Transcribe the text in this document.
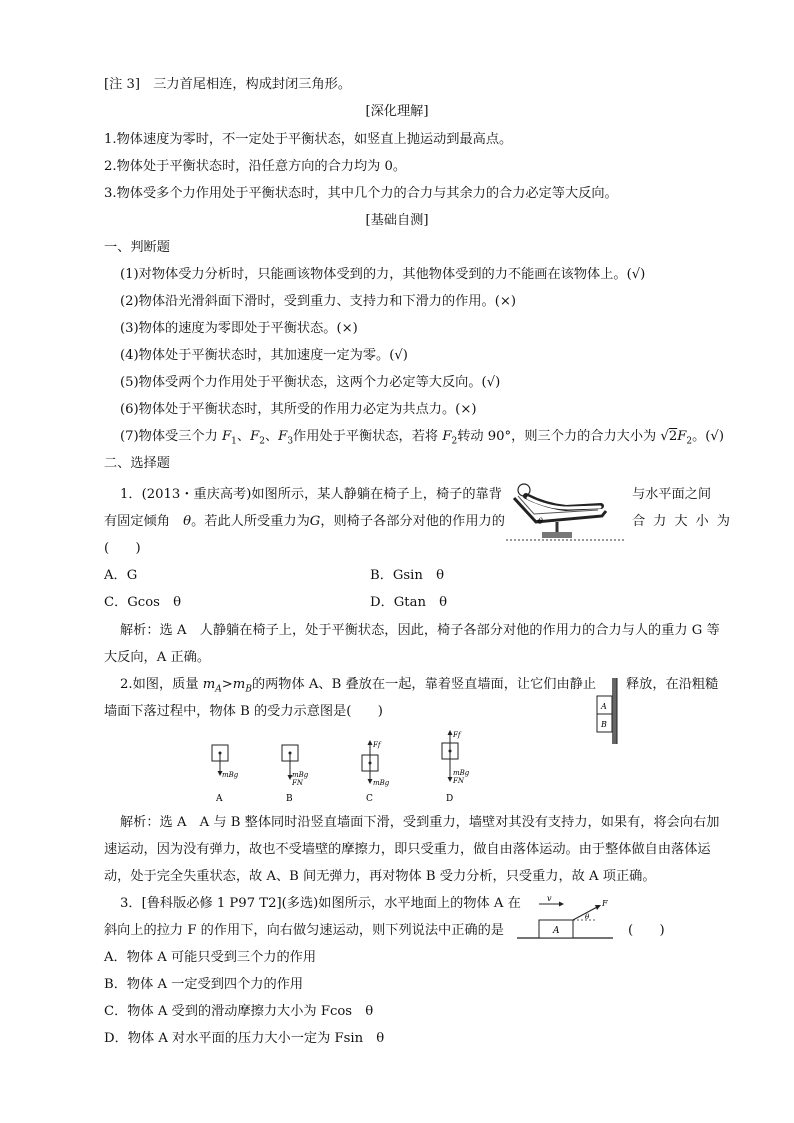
[注 3]　三力首尾相连，构成封闭三角形。
[深化理解]
1.物体速度为零时，不一定处于平衡状态，如竖直上抛运动到最高点。
2.物体处于平衡状态时，沿任意方向的合力均为 0。
3.物体受多个力作用处于平衡状态时，其中几个力的合力与其余力的合力必定等大反向。
[基础自测]
一、判断题
(1)对物体受力分析时，只能画该物体受到的力，其他物体受到的力不能画在该物体上。(√)
(2)物体沿光滑斜面下滑时，受到重力、支持力和下滑力的作用。(×)
(3)物体的速度为零即处于平衡状态。(×)
(4)物体处于平衡状态时，其加速度一定为零。(√)
(5)物体受两个力作用处于平衡状态，这两个力必定等大反向。(√)
(6)物体处于平衡状态时，其所受的作用力必定为共点力。(×)
(7)物体受三个力 $F_1$、$F_2$、$F_3$作用处于平衡状态，若将 $F_2$转动 90°，则三个力的合力大小为 $√2F_2$。(√)
二、选择题
1．(2013・重庆高考)如图所示，某人静躺在椅子上，椅子的靠背	与水平面之间
有固定倾角　 θ。若此人所受重力为G，则椅子各部分对他的作用力的	合力大小为
(　　)
θ
A．G	B．Gsin　θ
C．Gcos　θ	D．Gtan　θ
解析：选 A　人静躺在椅子上，处于平衡状态，因此，椅子各部分对他的作用力的合力与人的重力 G 等
大反向，A 正确。
2.如图，质量 $m_A>m_B$的两物体 A、B 叠放在一起，靠着竖直墙面，让它们由静止 释放，在沿粗糙
墙面下落过程中，物体 B 的受力示意图是(　　)	A
B
mBg
A
mBg
FN
B
Ff
mBg
C
Ff
mBg
FN
D
解析：选 A　A 与 B 整体同时沿竖直墙面下滑，受到重力，墙壁对其没有支持力，如果有，将会向右加
速运动，因为没有弹力，故也不受墙壁的摩擦力，即只受重力，做自由落体运动。由于整体做自由落体运
动，处于完全失重状态，故 A、B 间无弹力，再对物体 B 受力分析，只受重力，故 A 项正确。
3．[鲁科版必修 1 P97 T2](多选)如图所示，水平地面上的物体 A 在
斜向上的拉力 F 的作用下，向右做匀速运动，则下列说法中正确的是	(　　)
A
v
F
θ
A．物体 A 可能只受到三个力的作用
B．物体 A 一定受到四个力的作用
C．物体 A 受到的滑动摩擦力大小为 Fcos　θ
D．物体 A 对水平面的压力大小一定为 Fsin　θ
